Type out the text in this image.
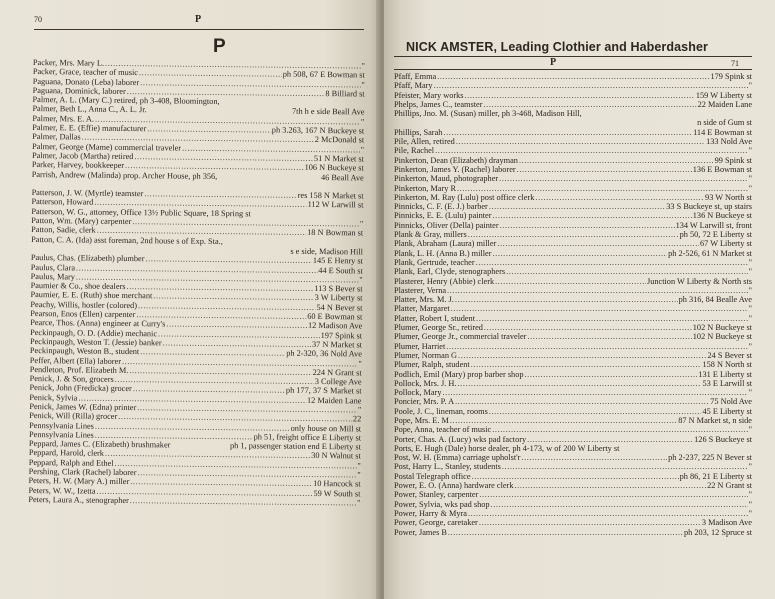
70	P
P
Packer, Mrs. Mary L. .....	"
Packer, Grace, teacher of music .....	ph 508, 67 E Bowman st
Paguana, Donato (Leba) laborer .....	"
Paguana, Dominick, laborer .....	8 Billiard st
Palmer, A. L. (Mary C.) retired, ph 3-408, Bloomington,
Palmer, Beth L., Anna C., A. L. Jr.	7th h e side Beall Ave
Palmer, Mrs. E. A. .....	"
Palmer, E. E. (Effie) manufacturer .....	ph 3.263, 167 N Buckeye st
Palmer, Dallas .....	2 McDonald st
Palmer, George (Mame) commercial traveler .....	"
Palmer, Jacob (Martha) retired .....	51 N Market st
Parker, Harvey, bookkeeper .....	106 N Buckeye st
Parrish, Andrew (Malinda) prop. Archer House, ph 356,	46 Beall Ave
Patterson, J. W. (Myrtle) teamster .....	res 158 N Market st
Patterson, Howard .....	112 W Larwill st
Patterson, W. G., attorney, Office 13½ Public Square, 18 Spring st
Patton, Wm. (Mary) carpenter .....	"
Patton, Sadie, clerk .....	18 N Bowman st
Patton, C. A. (Ida) asst foreman, 2nd house s of Exp. Sta.,
s e side, Madison Hill
Paulus, Chas. (Elizabeth) plumber .....	145 E Henry st
Paulus, Clara .....	44 E South st
Paulus, Mary .....	"
Paumier & Co., shoe dealers .....	113 S Bever st
Paumier, E. E. (Ruth) shoe merchant .....	3 W Liberty st
Peachy, Willis, hostler (colored) .....	54 N Bever st
Pearson, Enos (Ellen) carpenter .....	60 E Bowman st
Pearce, Thos. (Anna) engineer at Curry's .....	12 Madison Ave
Peckinpaugh, O. D. (Addie) mechanic .....	197 Spink st
Peckinpaugh, Weston T. (Jessie) banker .....	37 N Market st
Peckinpaugh, Weston B., student .....	ph 2-320, 36 Nold Ave
Peffer, Albert (Ella) laborer .....	"
Pendleton, Prof. Elizabeth M. .....	224 N Grant st
Penick, J. & Son, grocers .....	3 College Ave
Penick, John (Fredicka) grocer .....	ph 177, 37 S Market st
Penick, Sylvia .....	12 Maiden Lane
Penick, James W. (Edna) printer .....	"
Penick, Will (Rilla) grocer .....	22
Pennsylvania Lines .....	only house on Mill st
Pennsylvania Lines .....	ph 51, freight office E Liberty st
Peppard, James C. (Elizabeth) brushmaker	ph 1, passenger station end E Liberty st
Peppard, Harold, clerk .....	30 N Walnut st
Peppard, Ralph and Ethel .....	"
Pershing, Clark (Rachel) laborer .....	"
Peters, H. W. (Mary A.) miller .....	10 Hancock st
Peters, W. W., Izetta .....	59 W South st
Peters, Laura A., stenographer .....	"
NICK AMSTER, Leading Clothier and Haberdasher
P	71
Pfaff, Emma .....	179 Spink st
Pfaff, Mary .....	"
Pfeister, Mary works .....	159 W Liberty st
Phelps, James C., teamster .....	22 Maiden Lane
Phillips, Jno. M. (Susan) miller, ph 3-468, Madison Hill,
n side of Gum st
Phillips, Sarah .....	114 E Bowman st
Pile, Allen, retired .....	133 Nold Ave
Pile, Rachel .....	"
Pinkerton, Dean (Elizabeth) drayman .....	99 Spink st
Pinkerton, James Y. (Rachel) laborer .....	136 E Bowman st
Pinkerton, Maud, photographer .....	"
Pinkerton, Mary R .....	"
Pinkerton, M. Ray (Lulu) post office clerk .....	93 W North st
Pinnicks, C. F. (E. J.) barber .....	33 S Buckeye st, up stairs
Pinnicks, E. E. (Lulu) painter .....	136 N Buckeye st
Pinnicks, Oliver (Della) painter .....	134 W Larwill st, front
Plank & Gray, millers .....	ph 50, 72 E Liberty st
Plank, Abraham (Laura) miller .....	67 W Liberty st
Plank, L. H. (Anna B.) miller .....	ph 2-526, 61 N Market st
Plank, Gertrude, teacher .....	"
Plank, Earl, Clyde, stenographers .....	"
Plasterer, Henry (Abbie) clerk .....	Junction W Liberty & North sts
Plasterer, Verna .....	"
Platter, Mrs. M. J. .....	ph 316, 84 Bealle Ave
Platter, Margaret .....	"
Platter, Robert I, student .....	"
Plumer, George Sr., retired .....	102 N Buckeye st
Plumer, George Jr., commercial traveler .....	102 N Buckeye st
Plumer, Harriet .....	"
Plumer, Norman G .....	24 S Bever st
Plumer, Ralph, student .....	158 N North st
Podlich, Emil (Mary) prop barber shop .....	131 E Liberty st
Pollock, Mrs. J. H. .....	53 E Larwill st
Pollock, Mary .....	"
Poncier, Mrs. P. A .....	75 Nold Ave
Poole, J. C., lineman, rooms .....	45 E Liberty st
Pope, Mrs. E. M .....	87 N Market st, n side
Pope, Anna, teacher of music .....	"
Porter, Chas. A. (Lucy) wks pad factory .....	126 S Buckeye st
Ports, E. Hugh (Dale) horse dealer, ph 4-173, w of 200 W Liberty st
Post, W. H. (Emma) carriage upholst'r .....	ph 2-237, 225 N Bever st
Post, Harry L., Stanley, students .....	"
Postal Telegraph office .....	ph 86, 21 E Liberty st
Power, E. O. (Anna) hardware clerk .....	22 N Grant st
Power, Stanley, carpenter .....	"
Power, Sylvia, wks pad shop .....	"
Power, Harry & Myra .....	"
Power, George, caretaker .....	3 Madison Ave
Power, James B .....	ph 203, 12 Spruce st
